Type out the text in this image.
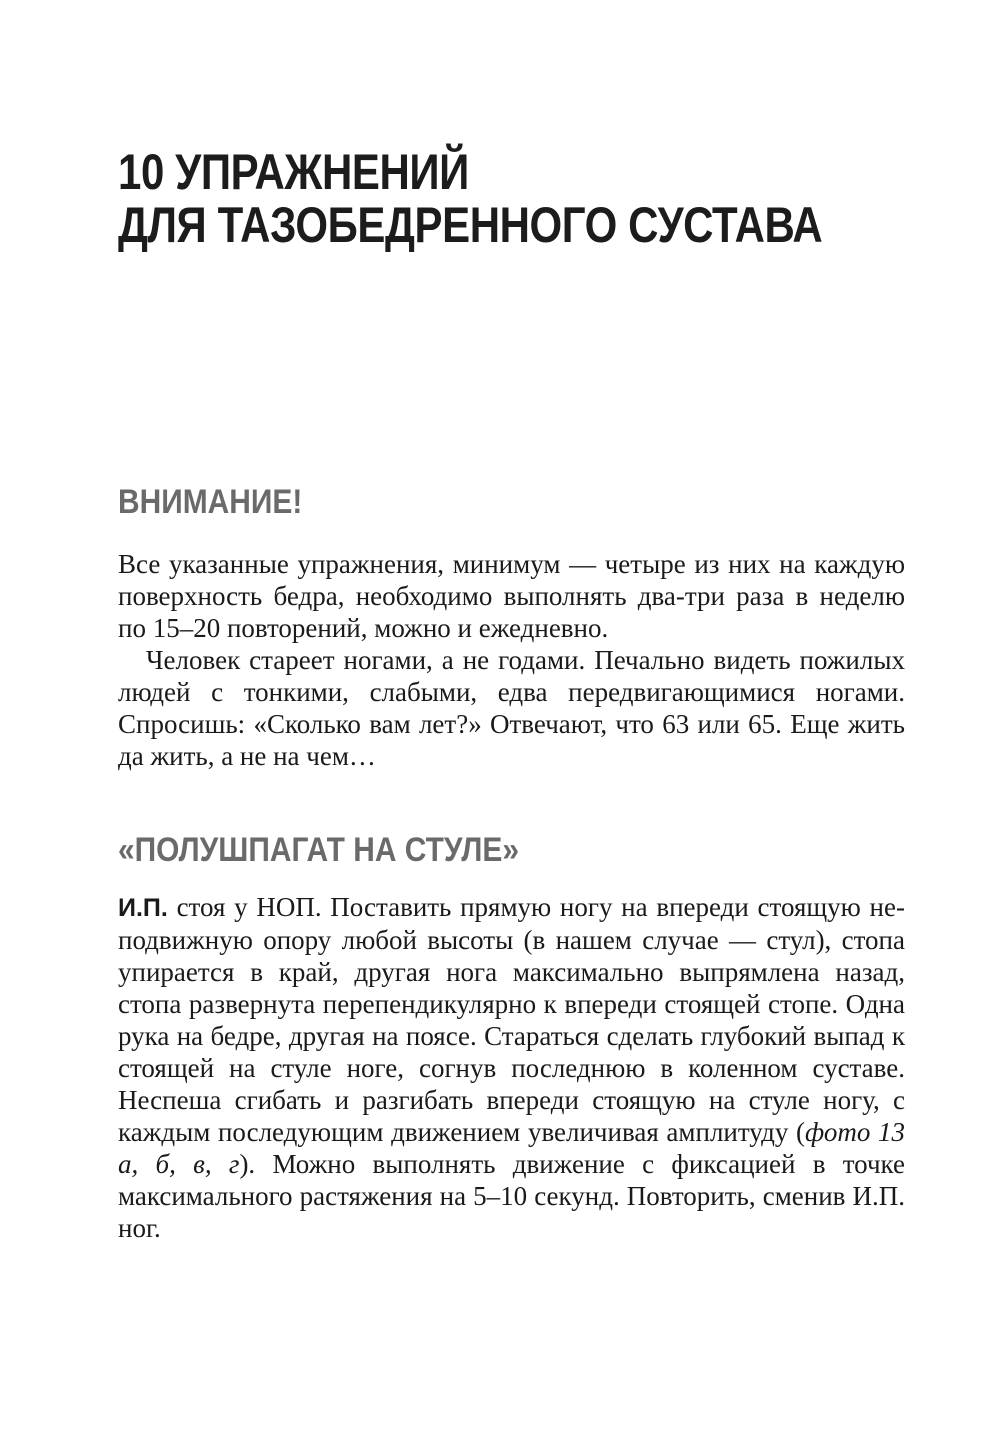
10 УПРАЖНЕНИЙ
ДЛЯ ТАЗОБЕДРЕННОГО СУСТАВА
ВНИМАНИЕ!

Все указанные упражнения, минимум — четыре из них на каждую поверхность бедра, необходимо выполнять два-три раза в неделю по 15–20 повторений, можно и ежедневно.

Человек стареет ногами, а не годами. Печально видеть пожилых людей с тонкими, слабыми, едва передвигающимися ногами. Спросишь: «Сколько вам лет?» Отвечают, что 63 или 65. Еще жить да жить, а не на чем…

«ПОЛУШПАГАТ НА СТУЛЕ»

И.П. стоя у НОП. Поставить прямую ногу на впереди стоящую неподвижную опору любой высоты (в нашем случае — стул), стопа упирается в край, другая нога максимально выпрямлена назад, стопа развернута перепендикулярно к впереди стоящей стопе. Одна рука на бедре, другая на поясе. Стараться сделать глубокий выпад к стоящей на стуле ноге, согнув последнюю в коленном суставе. Неспеша сгибать и разгибать впереди стоящую на стуле ногу, с каждым последующим движением увеличивая амплитуду (фото 13 а, б, в, г). Можно выполнять движение с фиксацией в точке максимального растяжения на 5–10 секунд. Повторить, сменив И.П. ног.
